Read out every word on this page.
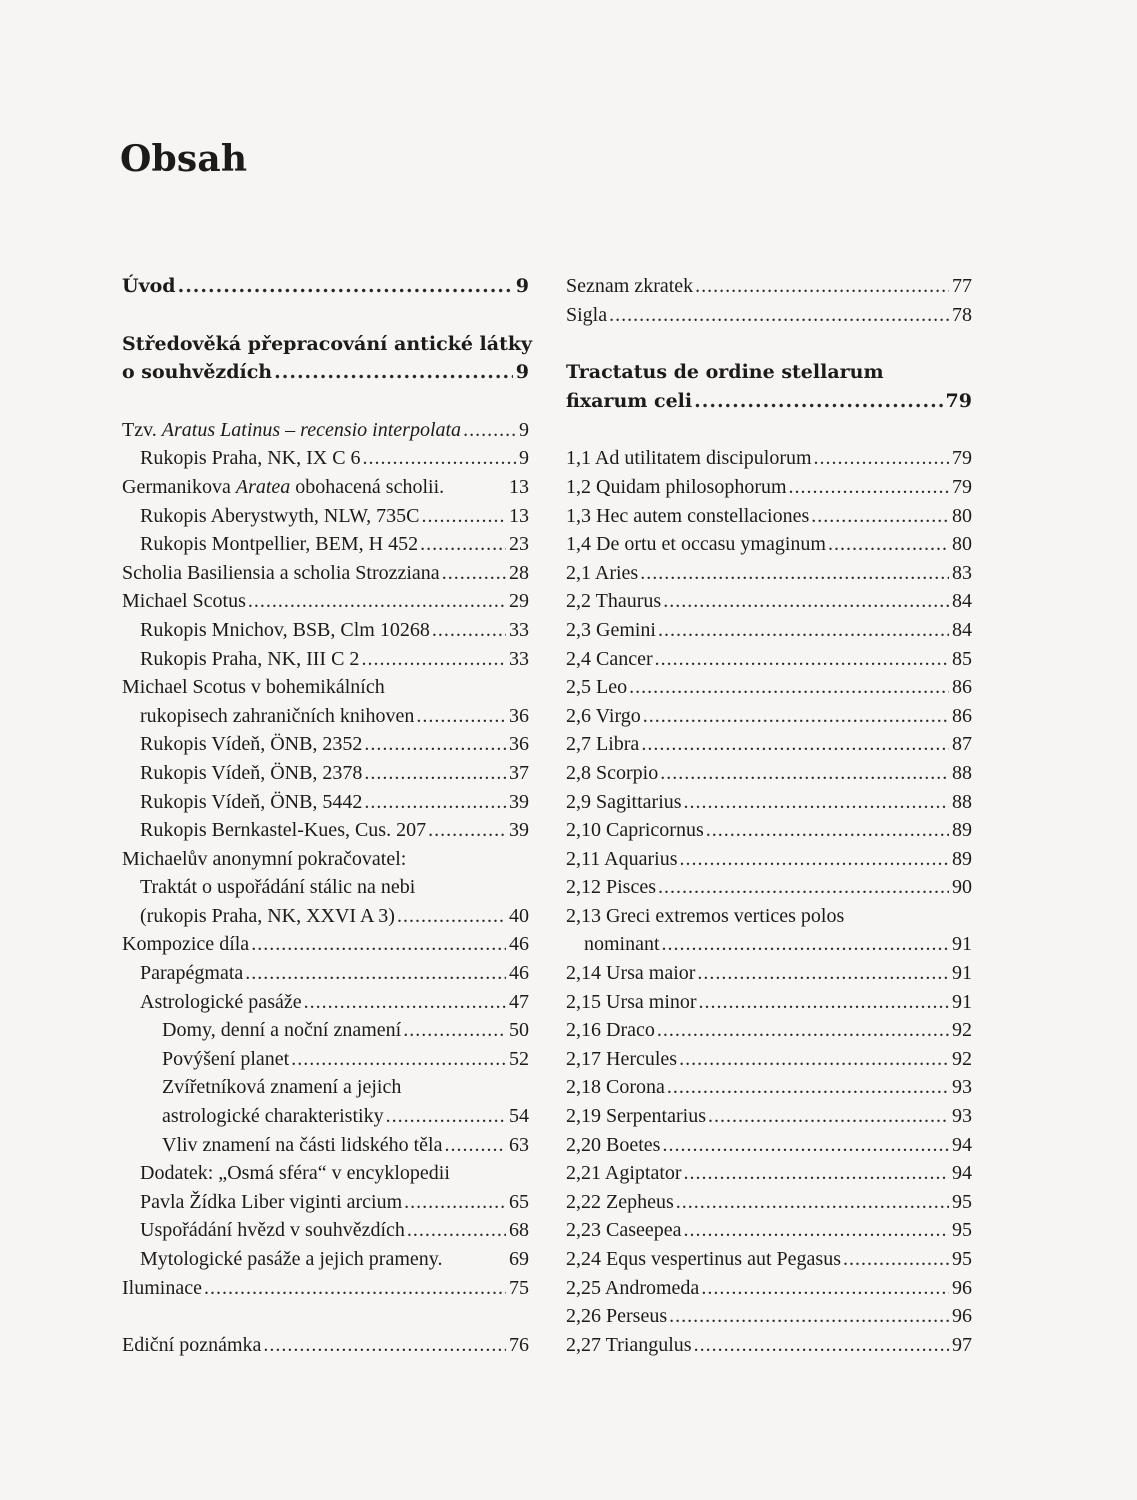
Obsah
Úvod .....	9
Středověká přepracování antické látky
o souhvězdích .....	9
Tzv. Aratus Latinus – recensio interpolata .....	9
Rukopis Praha, NK, IX C 6 .....	9
Germanikova Aratea obohacená scholii.	13
Rukopis Aberystwyth, NLW, 735C .....	13
Rukopis Montpellier, BEM, H 452 .....	23
Scholia Basiliensia a scholia Strozziana .....	28
Michael Scotus .....	29
Rukopis Mnichov, BSB, Clm 10268 .....	33
Rukopis Praha, NK, III C 2 .....	33
Michael Scotus v bohemikálních
rukopisech zahraničních knihoven .....	36
Rukopis Vídeň, ÖNB, 2352 .....	36
Rukopis Vídeň, ÖNB, 2378 .....	37
Rukopis Vídeň, ÖNB, 5442 .....	39
Rukopis Bernkastel-Kues, Cus. 207 .....	39
Michaelův anonymní pokračovatel:
Traktát o uspořádání stálic na nebi
(rukopis Praha, NK, XXVI A 3) .....	40
Kompozice díla .....	46
Parapégmata .....	46
Astrologické pasáže .....	47
Domy, denní a noční znamení .....	50
Povýšení planet .....	52
Zvířetníková znamení a jejich
astrologické charakteristiky .....	54
Vliv znamení na části lidského těla .....	63
Dodatek: „Osmá sféra“ v encyklopedii
Pavla Žídka Liber viginti arcium .....	65
Uspořádání hvězd v souhvězdích .....	68
Mytologické pasáže a jejich prameny.	69
Iluminace .....	75
Ediční poznámka .....	76
Seznam zkratek .....	77
Sigla .....	78
Tractatus de ordine stellarum
fixarum celi .....	79
1,1 Ad utilitatem discipulorum .....	79
1,2 Quidam philosophorum .....	79
1,3 Hec autem constellaciones .....	80
1,4 De ortu et occasu ymaginum .....	80
2,1 Aries .....	83
2,2 Thaurus .....	84
2,3 Gemini .....	84
2,4 Cancer .....	85
2,5 Leo .....	86
2,6 Virgo .....	86
2,7 Libra .....	87
2,8 Scorpio .....	88
2,9 Sagittarius .....	88
2,10 Capricornus .....	89
2,11 Aquarius .....	89
2,12 Pisces .....	90
2,13 Greci extremos vertices polos
nominant .....	91
2,14 Ursa maior .....	91
2,15 Ursa minor .....	91
2,16 Draco .....	92
2,17 Hercules .....	92
2,18 Corona .....	93
2,19 Serpentarius .....	93
2,20 Boetes .....	94
2,21 Agiptator .....	94
2,22 Zepheus .....	95
2,23 Caseepea .....	95
2,24 Equs vespertinus aut Pegasus .....	95
2,25 Andromeda .....	96
2,26 Perseus .....	96
2,27 Triangulus .....	97
